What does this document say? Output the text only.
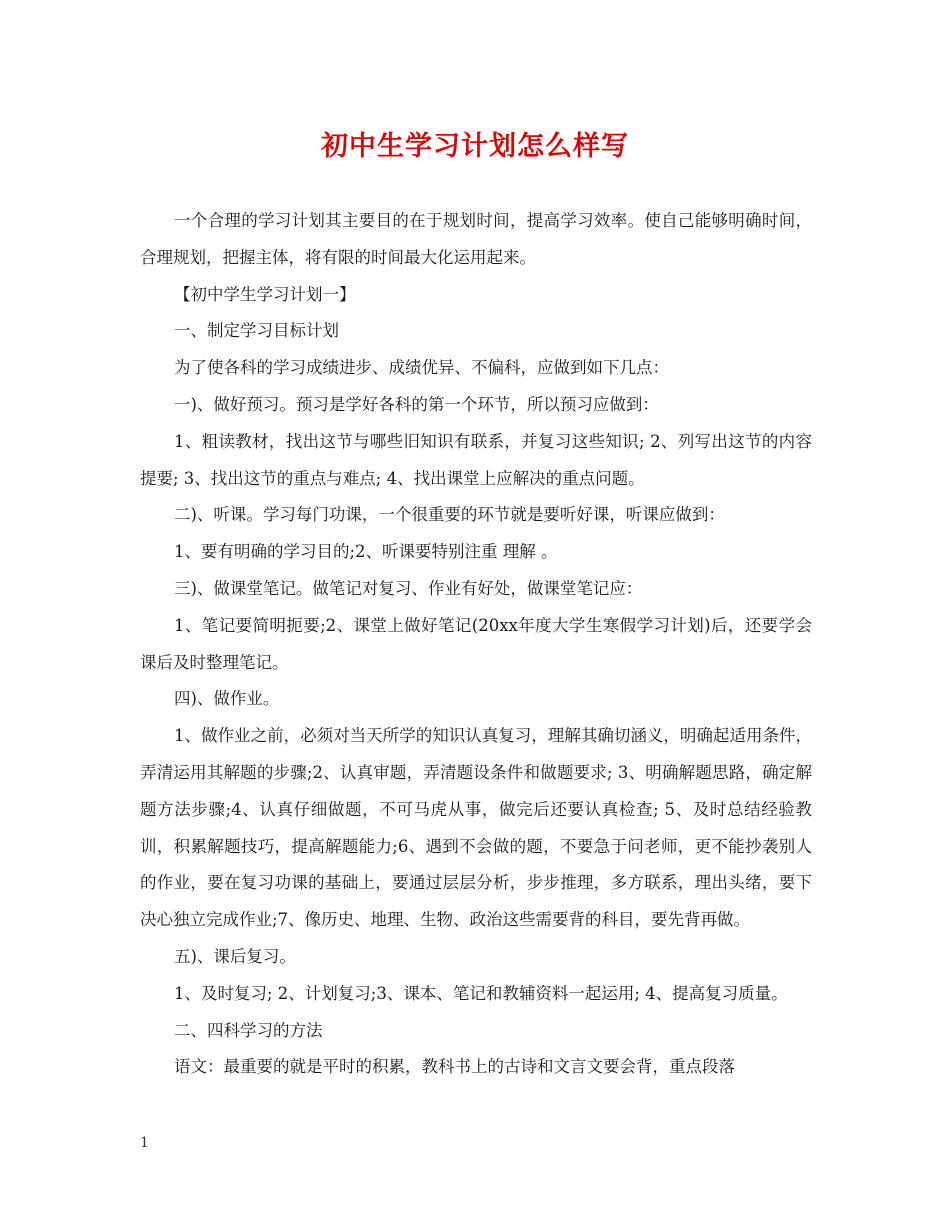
初中生学习计划怎么样写

一个合理的学习计划其主要目的在于规划时间，提高学习效率。使自己能够明确时间，合理规划，把握主体，将有限的时间最大化运用起来。

【初中学生学习计划一】

一、制定学习目标计划

为了使各科的学习成绩进步、成绩优异、不偏科，应做到如下几点：

一)、做好预习。预习是学好各科的第一个环节，所以预习应做到：

1、粗读教材，找出这节与哪些旧知识有联系，并复习这些知识; 2、列写出这节的内容提要; 3、找出这节的重点与难点; 4、找出课堂上应解决的重点问题。

二)、听课。学习每门功课，一个很重要的环节就是要听好课，听课应做到：

1、要有明确的学习目的;2、听课要特别注重 理解 。

三)、做课堂笔记。做笔记对复习、作业有好处，做课堂笔记应：

1、笔记要简明扼要;2、课堂上做好笔记(20xx年度大学生寒假学习计划)后，还要学会课后及时整理笔记。

四)、做作业。

1、做作业之前，必须对当天所学的知识认真复习，理解其确切涵义，明确起适用条件，弄清运用其解题的步骤;2、认真审题，弄清题设条件和做题要求; 3、明确解题思路，确定解题方法步骤;4、认真仔细做题，不可马虎从事，做完后还要认真检查; 5、及时总结经验教训，积累解题技巧，提高解题能力;6、遇到不会做的题，不要急于问老师，更不能抄袭别人的作业，要在复习功课的基础上，要通过层层分析，步步推理，多方联系，理出头绪，要下决心独立完成作业;7、像历史、地理、生物、政治这些需要背的科目，要先背再做。

五)、课后复习。

1、及时复习; 2、计划复习;3、课本、笔记和教辅资料一起运用; 4、提高复习质量。

二、四科学习的方法

语文：最重要的就是平时的积累，教科书上的古诗和文言文要会背，重点段落

1
